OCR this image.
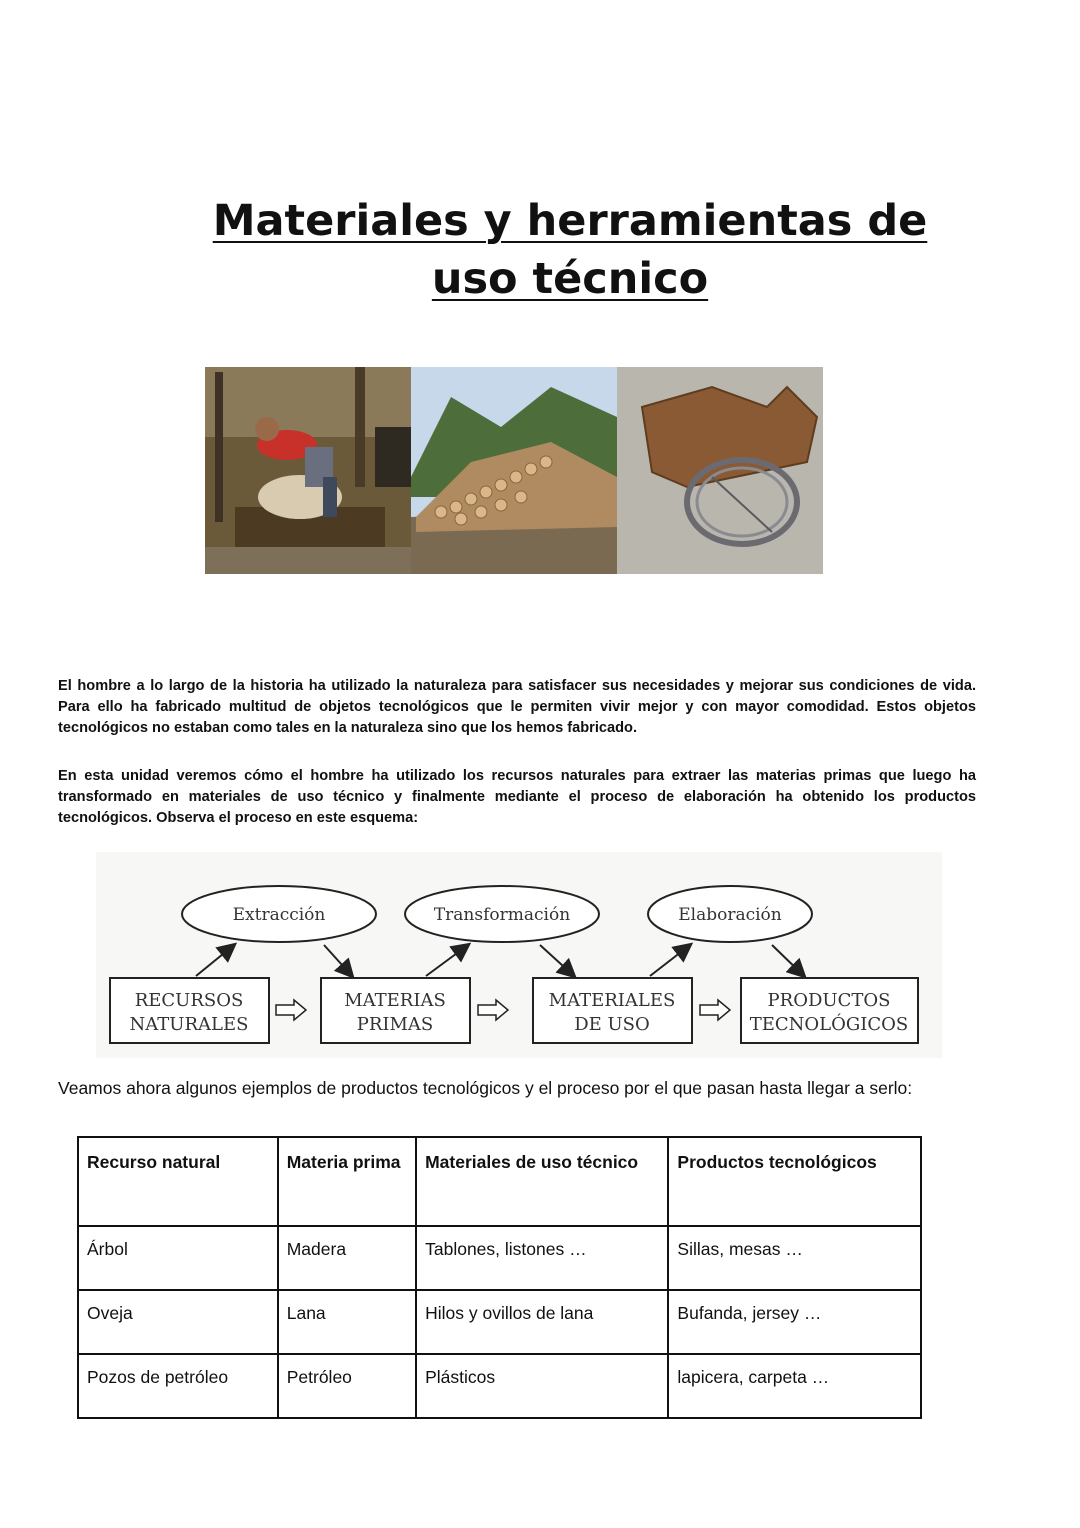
Materiales y herramientas de
uso técnico

El hombre a lo largo de la historia ha utilizado la naturaleza para satisfacer sus necesidades y mejorar sus condiciones de vida. Para ello ha fabricado multitud de objetos tecnológicos que le permiten vivir mejor y con mayor comodidad. Estos objetos tecnológicos no estaban como tales en la naturaleza sino que los hemos fabricado.

En esta unidad veremos cómo el hombre ha utilizado los recursos naturales para extraer las materias primas que luego ha transformado en materiales de uso técnico y finalmente mediante el proceso de elaboración ha obtenido los productos tecnológicos. Observa el proceso en este esquema:

Extracción	Transformación	Elaboración
RECURSOS
NATURALES
MATERIAS
PRIMAS
MATERIALES
DE USO
PRODUCTOS
TECNOLÓGICOS

Veamos ahora algunos ejemplos de productos tecnológicos y el proceso por el que pasan hasta llegar a serlo:

Recurso natural	Materia prima	Materiales de uso técnico	Productos tecnológicos
Árbol	Madera	Tablones, listones …	Sillas, mesas …
Oveja	Lana	Hilos y ovillos de lana	Bufanda, jersey …
Pozos de petróleo	Petróleo	Plásticos	lapicera, carpeta …
